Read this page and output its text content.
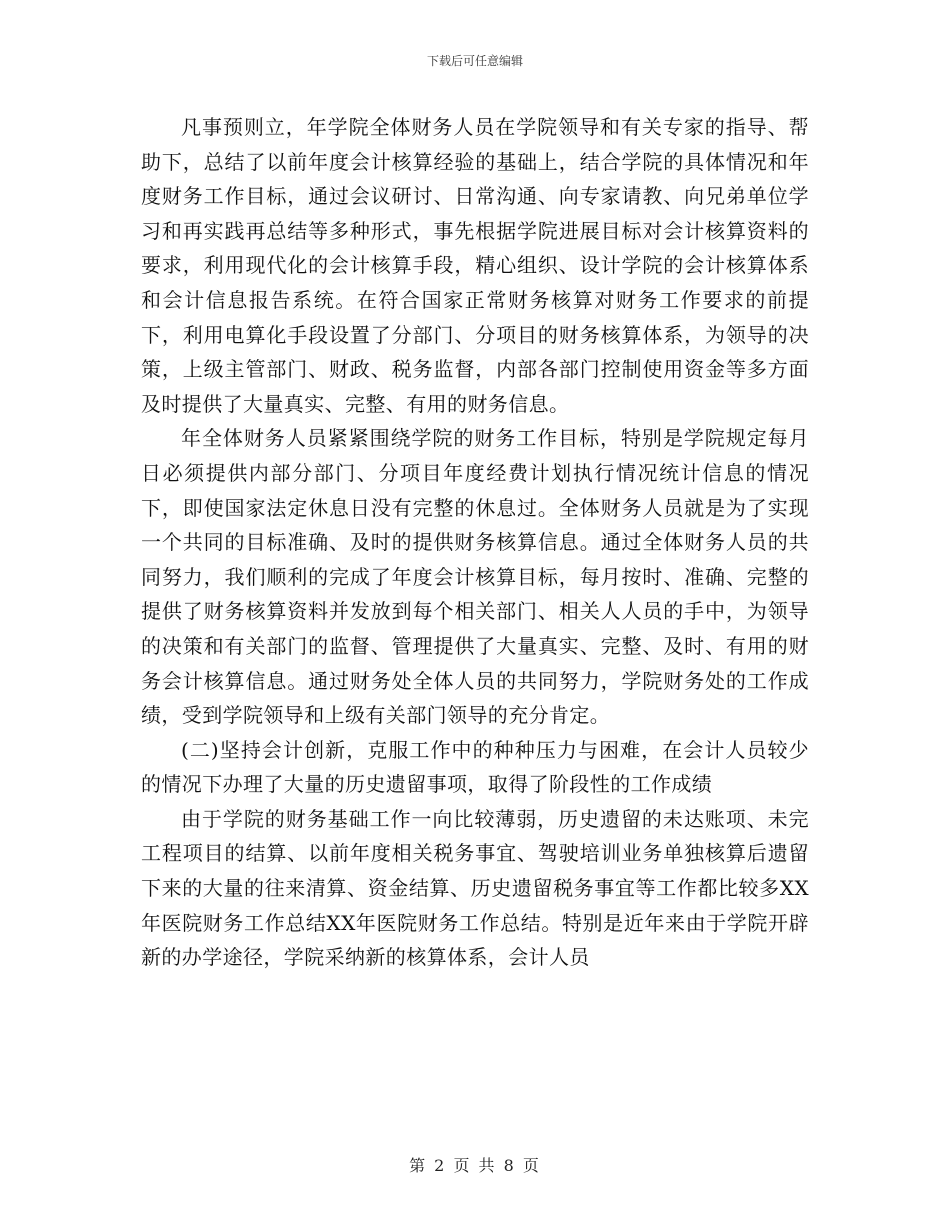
下载后可任意编辑

凡事预则立，年学院全体财务人员在学院领导和有关专家的指导、帮助下，总结了以前年度会计核算经验的基础上，结合学院的具体情况和年度财务工作目标，通过会议研讨、日常沟通、向专家请教、向兄弟单位学习和再实践再总结等多种形式，事先根据学院进展目标对会计核算资料的要求，利用现代化的会计核算手段，精心组织、设计学院的会计核算体系和会计信息报告系统。在符合国家正常财务核算对财务工作要求的前提下，利用电算化手段设置了分部门、分项目的财务核算体系，为领导的决策，上级主管部门、财政、税务监督，内部各部门控制使用资金等多方面及时提供了大量真实、完整、有用的财务信息。

年全体财务人员紧紧围绕学院的财务工作目标，特别是学院规定每月日必须提供内部分部门、分项目年度经费计划执行情况统计信息的情况下，即使国家法定休息日没有完整的休息过。全体财务人员就是为了实现一个共同的目标准确、及时的提供财务核算信息。通过全体财务人员的共同努力，我们顺利的完成了年度会计核算目标，每月按时、准确、完整的提供了财务核算资料并发放到每个相关部门、相关人人员的手中，为领导的决策和有关部门的监督、管理提供了大量真实、完整、及时、有用的财务会计核算信息。通过财务处全体人员的共同努力，学院财务处的工作成绩，受到学院领导和上级有关部门领导的充分肯定。

(二)坚持会计创新，克服工作中的种种压力与困难，在会计人员较少的情况下办理了大量的历史遗留事项，取得了阶段性的工作成绩

由于学院的财务基础工作一向比较薄弱，历史遗留的未达账项、未完工程项目的结算、以前年度相关税务事宜、驾驶培训业务单独核算后遗留下来的大量的往来清算、资金结算、历史遗留税务事宜等工作都比较多XX年医院财务工作总结XX年医院财务工作总结。特别是近年来由于学院开辟新的办学途径，学院采纳新的核算体系，会计人员

第 2 页 共 8 页
